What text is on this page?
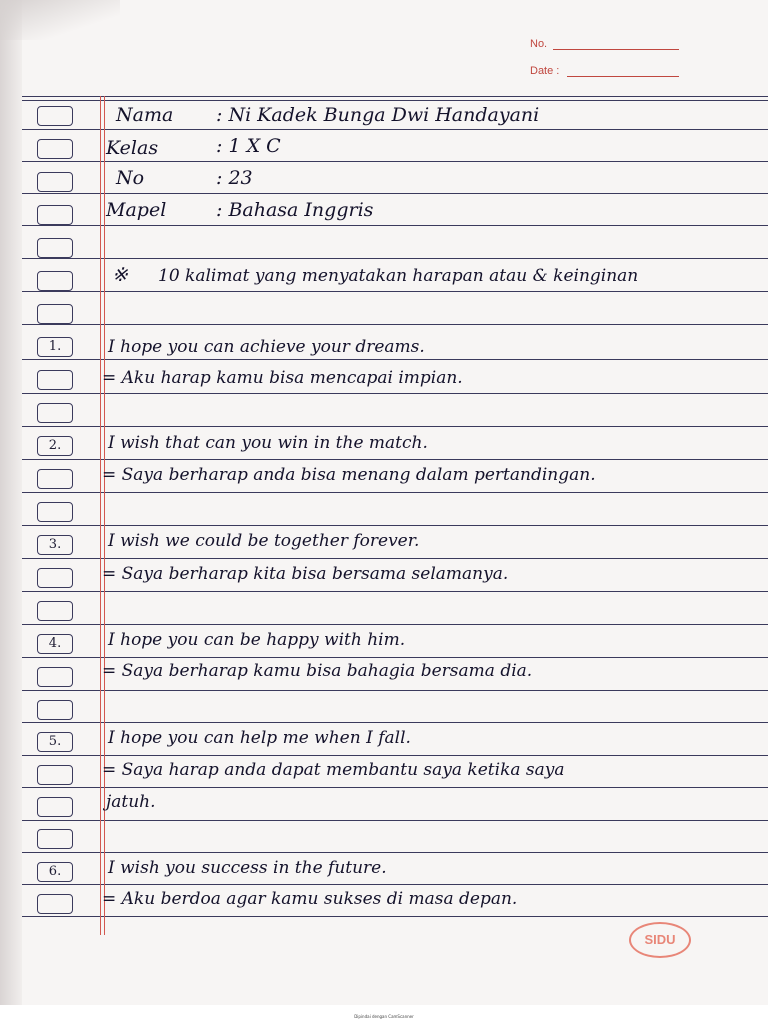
No.
Date :
1.
2.
3.
4.
5.
6.
Nama : Ni Kadek Bunga Dwi Handayani
Kelas	: 1 X C
No	: 23
Mapel	: Bahasa Inggris
※ 10 kalimat yang menyatakan harapan atau & keinginan
I hope you can achieve your dreams.
= Aku harap kamu bisa mencapai impian.
I wish that can you win in the match.
= Saya berharap anda bisa menang dalam pertandingan.
I wish we could be together forever.
= Saya berharap kita bisa bersama selamanya.
I hope you can be happy with him.
= Saya berharap kamu bisa bahagia bersama dia.
I hope you can help me when I fall.
= Saya harap anda dapat membantu saya ketika saya
jatuh.
I wish you success in the future.
= Aku berdoa agar kamu sukses di masa depan.
SIDU
Dipindai dengan CamScanner
